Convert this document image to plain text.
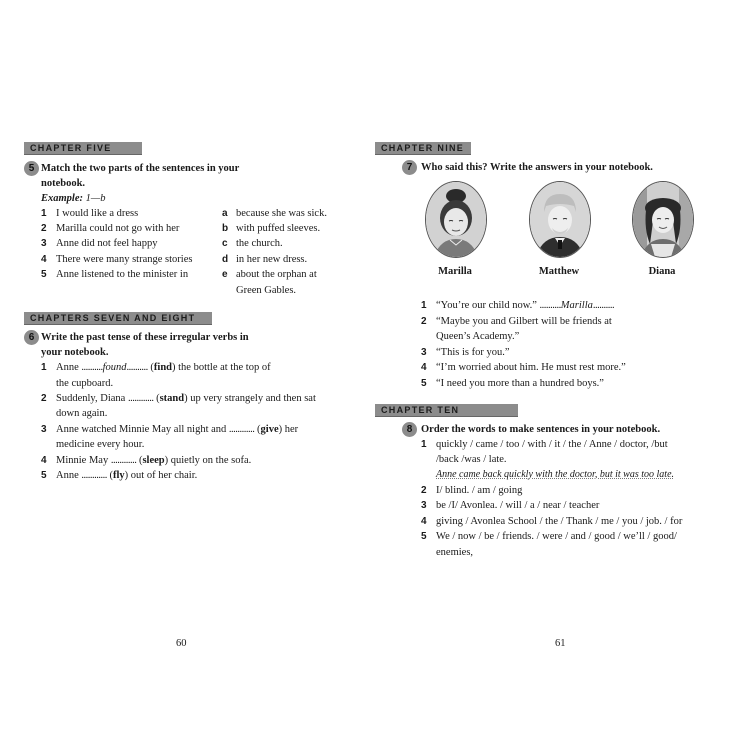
CHAPTER FIVE
5 Match the two parts of the sentences in your
notebook.
Example: 1—b
1 I would like a dress
2 Marilla could not go with her
3 Anne did not feel happy
4 There were many strange stories
5 Anne listened to the minister in
a because she was sick.
b with puffed sleeves.
c the church.
d in her new dress.
e about the orphan at
Green Gables.
CHAPTERS SEVEN AND EIGHT
6 Write the past tense of these irregular verbs in
your notebook.
1 Anne ..........found.......... (find) the bottle at the top of
the cupboard.
2 Suddenly, Diana ............ (stand) up very strangely and then sat
down again.
3 Anne watched Minnie May all night and ............ (give) her
medicine every hour.
4 Minnie May ............ (sleep) quietly on the sofa.
5 Anne ............ (fly) out of her chair.
60
CHAPTER NINE
7 Who said this? Write the answers in your notebook.
Marilla	Matthew	Diana
1 “You’re our child now.” ..........Marilla..........
2 “Maybe you and Gilbert will be friends at
Queen’s Academy.”
3 “This is for you.”
4 “I’m worried about him. He must rest more.”
5 “I need you more than a hundred boys.”
CHAPTER TEN
8 Order the words to make sentences in your notebook.
1 quickly / came / too / with / it / the / Anne / doctor, /but
/back /was / late.
Anne came back quickly with the doctor, but it was too late.
2 I/ blind. / am / going
3 be /I/ Avonlea. / will / a / near / teacher
4 giving / Avonlea School / the / Thank / me / you / job. / for
5 We / now / be / friends. / were / and / good / we’ll / good/
enemies,
61
